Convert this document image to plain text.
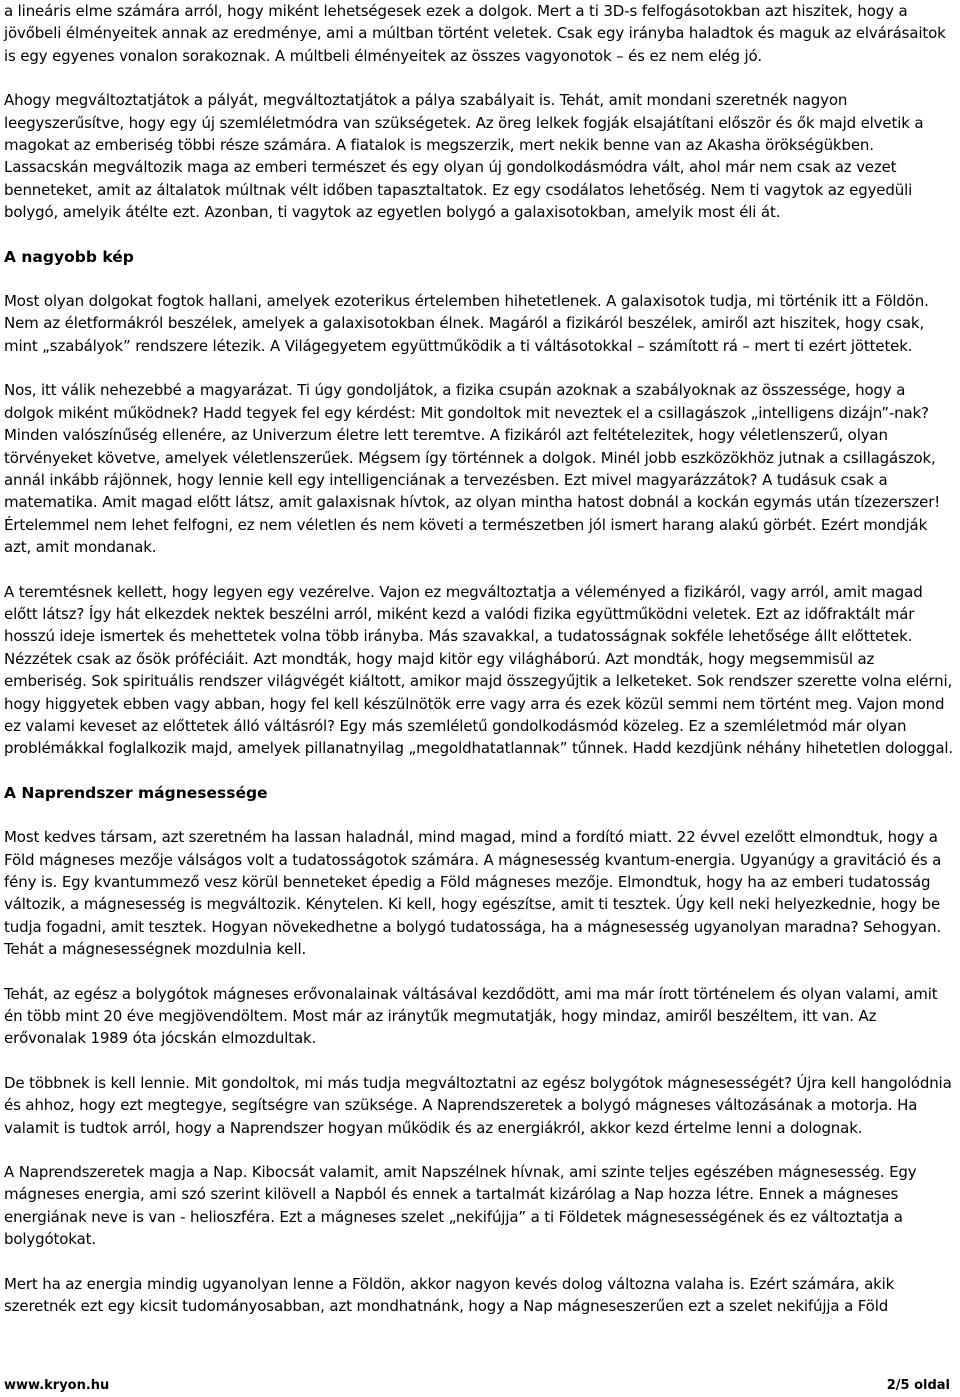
a lineáris elme számára arról, hogy miként lehetségesek ezek a dolgok. Mert a ti 3D-s felfogásotokban azt hiszitek, hogy a jövőbeli élményeitek annak az eredménye, ami a múltban történt veletek. Csak egy irányba haladtok és maguk az elvárásaitok is egy egyenes vonalon sorakoznak. A múltbeli élményeitek az összes vagyonotok – és ez nem elég jó.

Ahogy megváltoztatjátok a pályát, megváltoztatjátok a pálya szabályait is. Tehát, amit mondani szeretnék nagyon leegyszerűsítve, hogy egy új szemléletmódra van szükségetek. Az öreg lelkek fogják elsajátítani először és ők majd elvetik a magokat az emberiség többi része számára. A fiatalok is megszerzik, mert nekik benne van az Akasha örökségükben. Lassacskán megváltozik maga az emberi természet és egy olyan új gondolkodásmódra vált, ahol már nem csak az vezet benneteket, amit az általatok múltnak vélt időben tapasztaltatok. Ez egy csodálatos lehetőség. Nem ti vagytok az egyedüli bolygó, amelyik átélte ezt. Azonban, ti vagytok az egyetlen bolygó a galaxisotokban, amelyik most éli át.

A nagyobb kép

Most olyan dolgokat fogtok hallani, amelyek ezoterikus értelemben hihetetlenek. A galaxisotok tudja, mi történik itt a Földön. Nem az életformákról beszélek, amelyek a galaxisotokban élnek. Magáról a fizikáról beszélek, amiről azt hiszitek, hogy csak, mint „szabályok” rendszere létezik. A Világegyetem együttműködik a ti váltásotokkal – számított rá – mert ti ezért jöttetek.

Nos, itt válik nehezebbé a magyarázat. Ti úgy gondoljátok, a fizika csupán azoknak a szabályoknak az összessége, hogy a dolgok miként működnek? Hadd tegyek fel egy kérdést: Mit gondoltok mit neveztek el a csillagászok „intelligens dizájn”-nak? Minden valószínűség ellenére, az Univerzum életre lett teremtve. A fizikáról azt feltételezitek, hogy véletlenszerű, olyan törvényeket követve, amelyek véletlenszerűek. Mégsem így történnek a dolgok. Minél jobb eszközökhöz jutnak a csillagászok, annál inkább rájönnek, hogy lennie kell egy intelligenciának a tervezésben. Ezt mivel magyarázzátok? A tudásuk csak a matematika. Amit magad előtt látsz, amit galaxisnak hívtok, az olyan mintha hatost dobnál a kockán egymás után tízezerszer! Értelemmel nem lehet felfogni, ez nem véletlen és nem követi a természetben jól ismert harang alakú görbét. Ezért mondják azt, amit mondanak.

A teremtésnek kellett, hogy legyen egy vezérelve. Vajon ez megváltoztatja a véleményed a fizikáról, vagy arról, amit magad előtt látsz? Így hát elkezdek nektek beszélni arról, miként kezd a valódi fizika együttműködni veletek. Ezt az időfraktált már hosszú ideje ismertek és mehettetek volna több irányba. Más szavakkal, a tudatosságnak sokféle lehetősége állt előttetek. Nézzétek csak az ősök próféciáit. Azt mondták, hogy majd kitör egy világháború. Azt mondták, hogy megsemmisül az emberiség. Sok spirituális rendszer világvégét kiáltott, amikor majd összegyűjtik a lelketeket. Sok rendszer szerette volna elérni, hogy higgyetek ebben vagy abban, hogy fel kell készülnötök erre vagy arra és ezek közül semmi nem történt meg. Vajon mond ez valami keveset az előttetek álló váltásról? Egy más szemléletű gondolkodásmód közeleg. Ez a szemléletmód már olyan problémákkal foglalkozik majd, amelyek pillanatnyilag „megoldhatatlannak” tűnnek. Hadd kezdjünk néhány hihetetlen dologgal.

A Naprendszer mágnesessége

Most kedves társam, azt szeretném ha lassan haladnál, mind magad, mind a fordító miatt. 22 évvel ezelőtt elmondtuk, hogy a Föld mágneses mezője válságos volt a tudatosságotok számára. A mágnesesség kvantum-energia. Ugyanúgy a gravitáció és a fény is. Egy kvantummező vesz körül benneteket épedig a Föld mágneses mezője. Elmondtuk, hogy ha az emberi tudatosság változik, a mágnesesség is megváltozik. Kénytelen. Ki kell, hogy egészítse, amit ti tesztek. Úgy kell neki helyezkednie, hogy be tudja fogadni, amit tesztek. Hogyan növekedhetne a bolygó tudatossága, ha a mágnesesség ugyanolyan maradna? Sehogyan. Tehát a mágnesességnek mozdulnia kell.

Tehát, az egész a bolygótok mágneses erővonalainak váltásával kezdődött, ami ma már írott történelem és olyan valami, amit én több mint 20 éve megjövendöltem. Most már az iránytűk megmutatják, hogy mindaz, amiről beszéltem, itt van. Az erővonalak 1989 óta jócskán elmozdultak.

De többnek is kell lennie. Mit gondoltok, mi más tudja megváltoztatni az egész bolygótok mágnesességét? Újra kell hangolódnia és ahhoz, hogy ezt megtegye, segítségre van szüksége. A Naprendszeretek a bolygó mágneses változásának a motorja. Ha valamit is tudtok arról, hogy a Naprendszer hogyan működik és az energiákról, akkor kezd értelme lenni a dolognak.

A Naprendszeretek magja a Nap. Kibocsát valamit, amit Napszélnek hívnak, ami szinte teljes egészében mágnesesség. Egy mágneses energia, ami szó szerint kilövell a Napból és ennek a tartalmát kizárólag a Nap hozza létre. Ennek a mágneses energiának neve is van - helioszféra. Ezt a mágneses szelet „nekifújja” a ti Földetek mágnesességének és ez változtatja a bolygótokat.

Mert ha az energia mindig ugyanolyan lenne a Földön, akkor nagyon kevés dolog változna valaha is. Ezért számára, akik szeretnék ezt egy kicsit tudományosabban, azt mondhatnánk, hogy a Nap mágneseszerűen ezt a szelet nekifújja a Föld

www.kryon.hu	2/5 oldal
